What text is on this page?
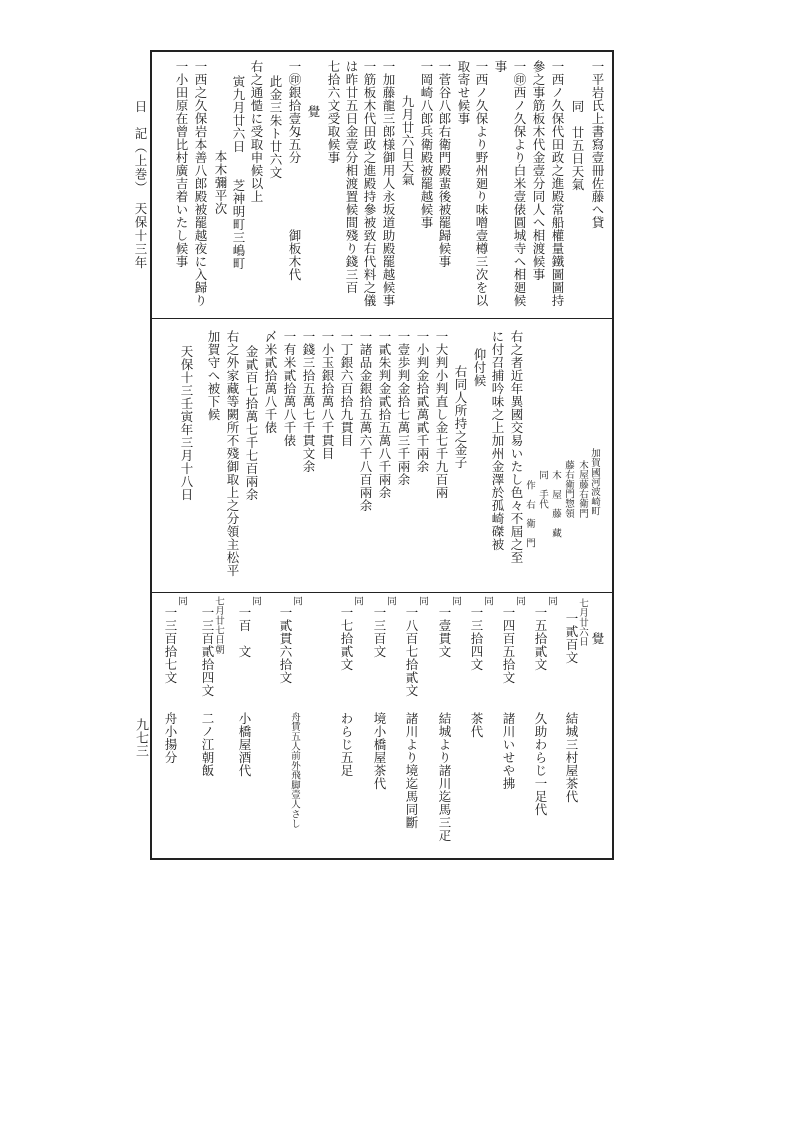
日　記（上巻）　天保十三年
九七三
一平岩氏上書寫壹冊佐藤へ貸
同　廿五日天氣
一西ノ久保代田政之進殿常船權量鐵圖圖持
參之事筋板木代金壹分同人へ相渡候事
一㊞西ノ久保より白米壹俵圓城寺へ相廻候
事
一西ノ久保より野州廻り味噌壹樽三次を以
取寄せ候事
一菅谷八郎右衛門殿蜚後被罷歸候事
一岡崎八郎兵衛殿被罷越候事
九月廿六日天氣
一加藤龍三郎様御用人永坂道助殿罷越候事
一筋板木代田政之進殿持參被致右代料之儀
は昨廿五日金壹分相渡置候間殘り錢三百
七拾六文受取候事
覺
一㊞銀拾壹匁五分　　　　　御板木代
此金三朱ト廿六文
右之通慥に受取申候以上
寅九月廿六日　　芝神明町三嶋町
本木彌平次
一西之久保岩本善八郎殿被罷越夜に入歸り
一小田原在曾比村廣吉着いたし候事
加賀國河波崎町
木屋藤右衛門
藤右衛門惣領
木　屋　藤　藏
同　手代
作　右　衛　門
右之者近年異國交易いたし色々不屆之至
に付召捕吟味之上加州金澤於孤崎磔被
仰付候
右同人所持之金子
一大判小判直し金七千九百兩
一小判金拾貳萬貳千兩余
一壹歩判金拾七萬三千兩余
一貳朱判金貳拾五萬八千兩余
一諸品金銀拾五萬六千八百兩余
一丁銀六百拾九貫目
一小玉銀拾萬八千貫目
一錢三拾五萬七千貫文余
一有米貳拾萬八千俵
〆米貳拾萬八千俵
金貳百七拾萬七千七百兩余
右之外家藏等闕所不殘御取上之分領主松平
加賀守へ被下候
天保十三壬寅年三月十八日
覺
七月廿六日
一貳百文
結城三村屋茶代
同
一五拾貳文
久助わらじ一足代
同
一四百五拾文
諸川いせや拂
同
一三拾四文
茶代
同
一壹貫文
結城より諸川迄馬三疋
同
一八百七拾貳文
諸川より境迄馬同斷
同
一三百文
境小橋屋茶代
同
一七拾貳文
わらじ五足
同
一貳貫六拾文
舟賃五人前外飛脚壹人さし
同
一百　文
小橋屋酒代
七月廿七日朝
一三百貳拾四文
二ノ江朝飯
同
一三百拾七文
舟小揚分
